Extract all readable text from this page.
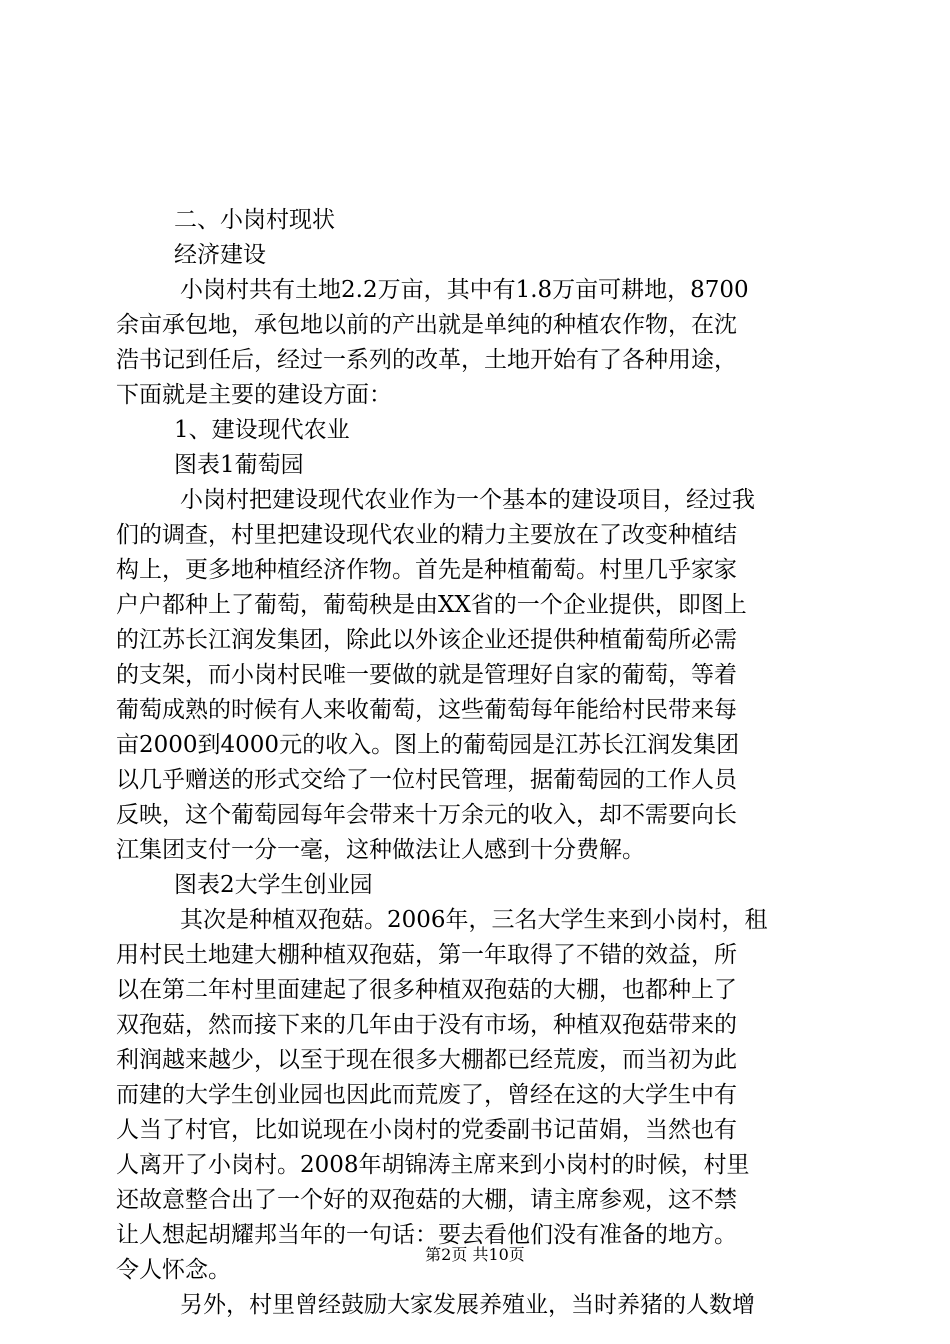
二、小岗村现状
经济建设
小岗村共有土地2.2万亩，其中有1.8万亩可耕地，8700
余亩承包地，承包地以前的产出就是单纯的种植农作物，在沈
浩书记到任后，经过一系列的改革，土地开始有了各种用途，
下面就是主要的建设方面：
1、建设现代农业
图表1葡萄园
小岗村把建设现代农业作为一个基本的建设项目，经过我
们的调查，村里把建设现代农业的精力主要放在了改变种植结
构上，更多地种植经济作物。首先是种植葡萄。村里几乎家家
户户都种上了葡萄，葡萄秧是由XX省的一个企业提供，即图上
的江苏长江润发集团，除此以外该企业还提供种植葡萄所必需
的支架，而小岗村民唯一要做的就是管理好自家的葡萄，等着
葡萄成熟的时候有人来收葡萄，这些葡萄每年能给村民带来每
亩2000到4000元的收入。图上的葡萄园是江苏长江润发集团
以几乎赠送的形式交给了一位村民管理，据葡萄园的工作人员
反映，这个葡萄园每年会带来十万余元的收入，却不需要向长
江集团支付一分一毫，这种做法让人感到十分费解。
图表2大学生创业园
其次是种植双孢菇。2006年，三名大学生来到小岗村，租
用村民土地建大棚种植双孢菇，第一年取得了不错的效益，所
以在第二年村里面建起了很多种植双孢菇的大棚，也都种上了
双孢菇，然而接下来的几年由于没有市场，种植双孢菇带来的
利润越来越少，以至于现在很多大棚都已经荒废，而当初为此
而建的大学生创业园也因此而荒废了，曾经在这的大学生中有
人当了村官，比如说现在小岗村的党委副书记苗娟，当然也有
人离开了小岗村。2008年胡锦涛主席来到小岗村的时候，村里
还故意整合出了一个好的双孢菇的大棚，请主席参观，这不禁
让人想起胡耀邦当年的一句话：要去看他们没有准备的地方。
令人怀念。
另外，村里曾经鼓励大家发展养殖业，当时养猪的人数增
第2页 共10页
